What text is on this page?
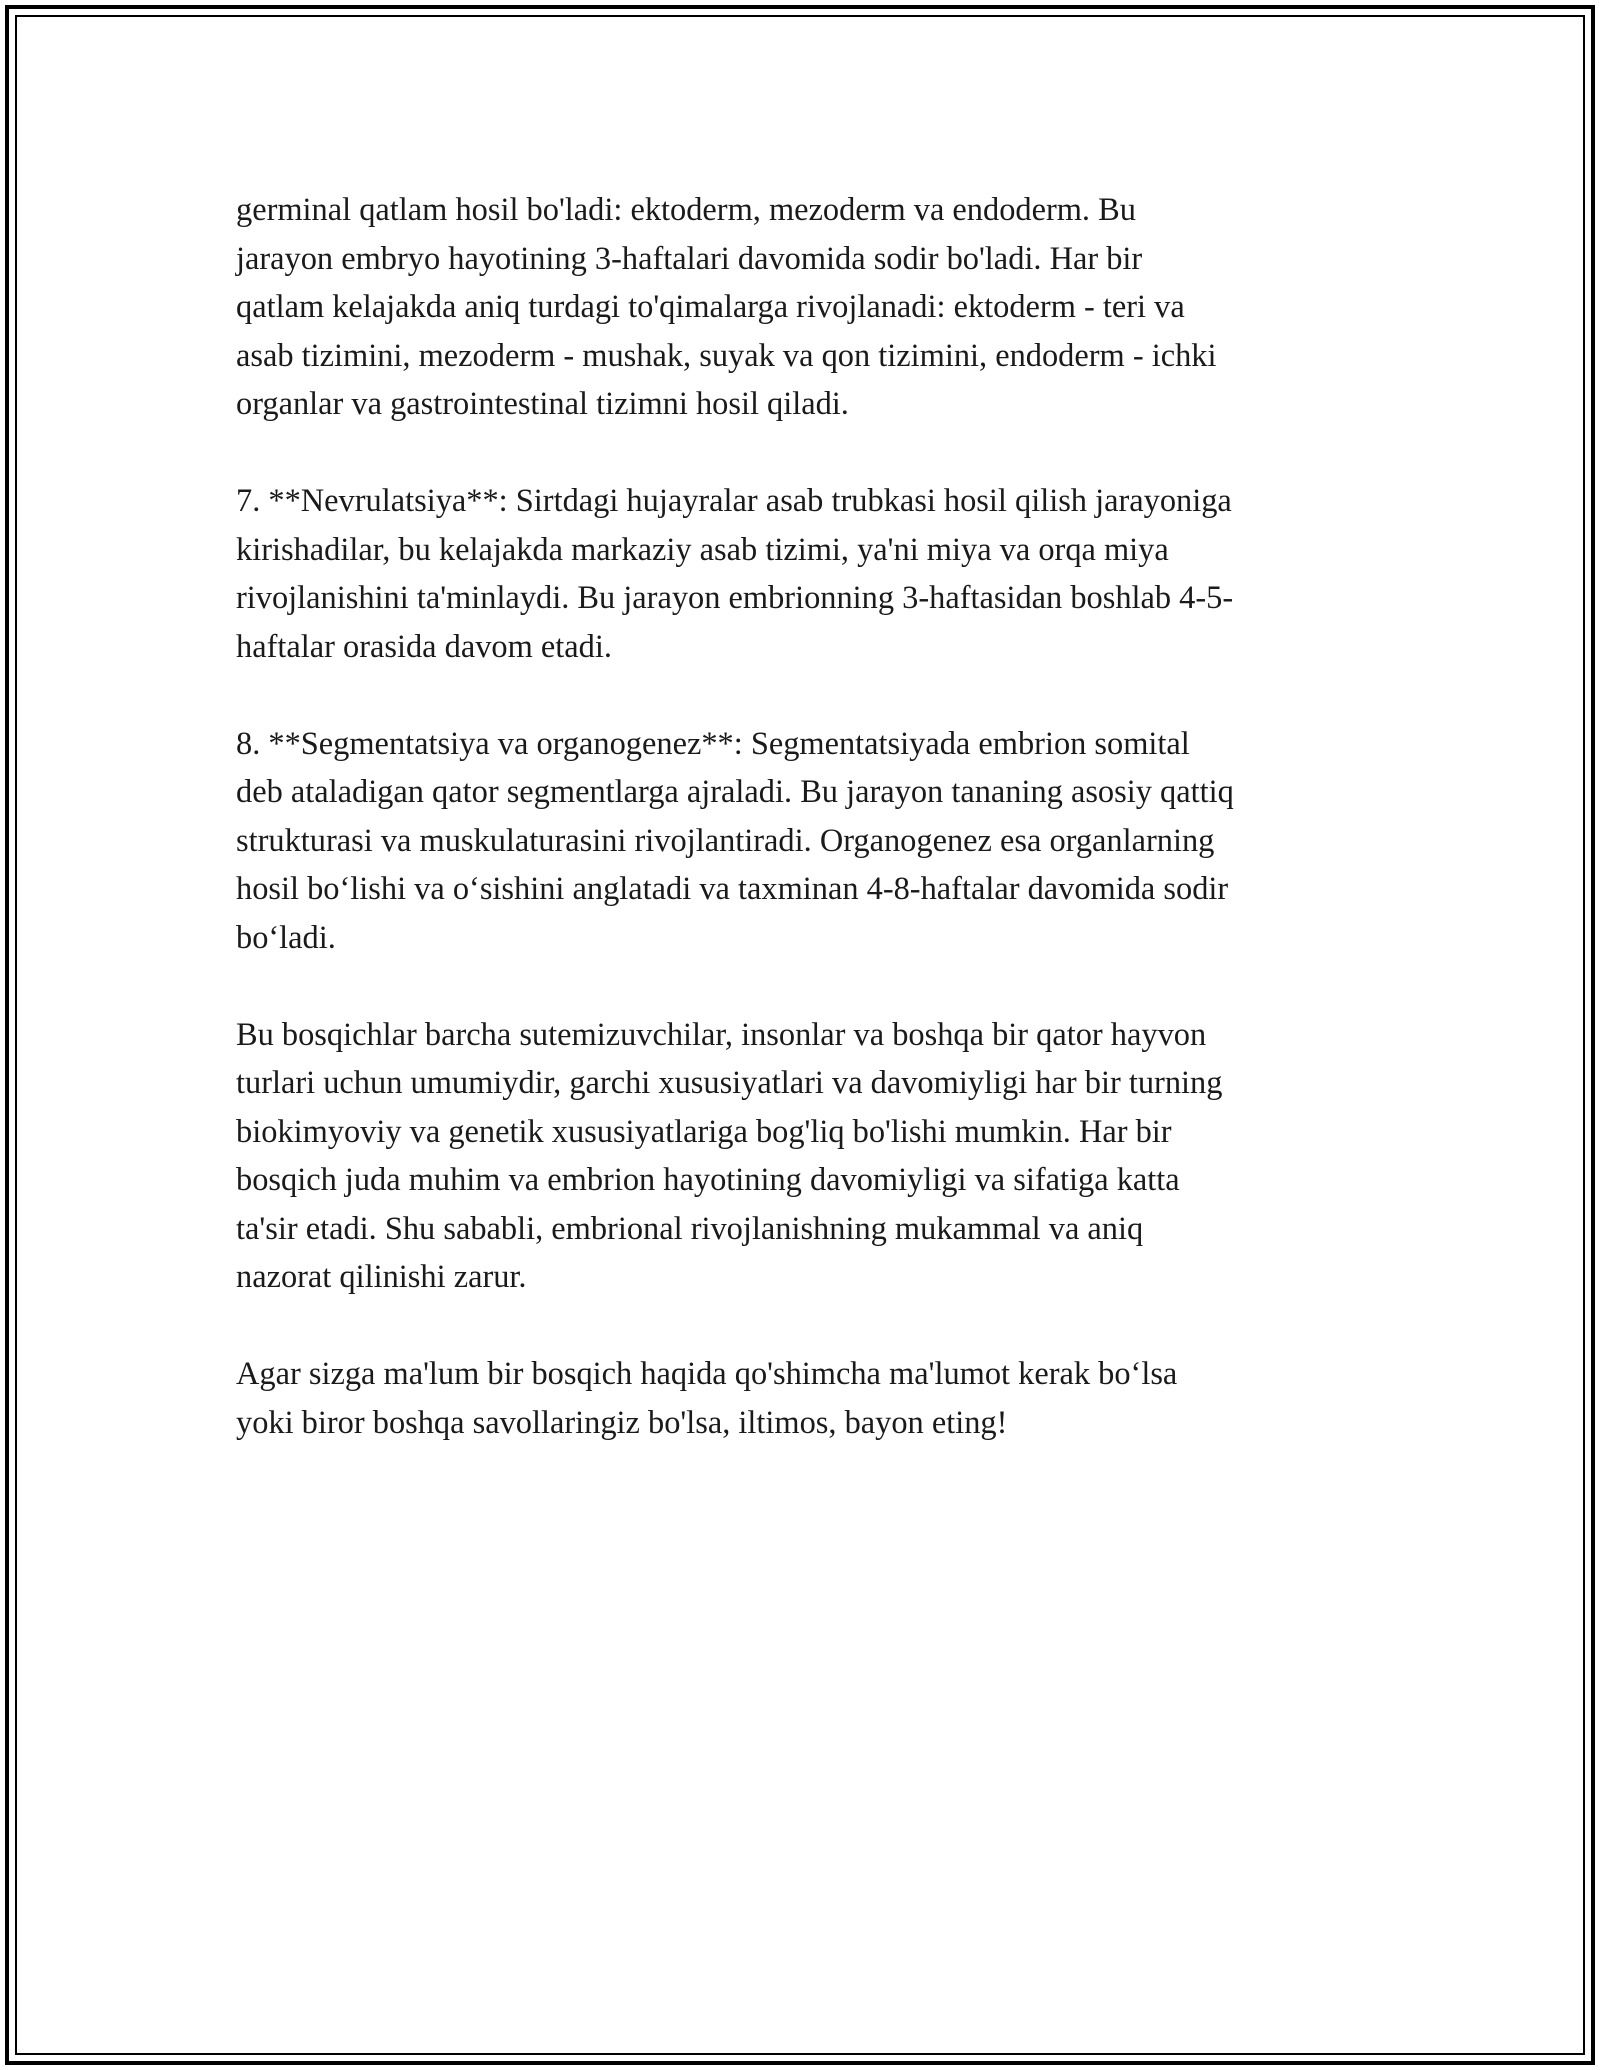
germinal qatlam hosil bo'ladi: ektoderm, mezoderm va endoderm. Bu
jarayon embryo hayotining 3-haftalari davomida sodir bo'ladi. Har bir
qatlam kelajakda aniq turdagi to'qimalarga rivojlanadi: ektoderm - teri va
asab tizimini, mezoderm - mushak, suyak va qon tizimini, endoderm - ichki
organlar va gastrointestinal tizimni hosil qiladi.

7. **Nevrulatsiya**: Sirtdagi hujayralar asab trubkasi hosil qilish jarayoniga
kirishadilar, bu kelajakda markaziy asab tizimi, ya'ni miya va orqa miya
rivojlanishini ta'minlaydi. Bu jarayon embrionning 3-haftasidan boshlab 4-5-
haftalar orasida davom etadi.

8. **Segmentatsiya va organogenez**: Segmentatsiyada embrion somital
deb ataladigan qator segmentlarga ajraladi. Bu jarayon tananing asosiy qattiq
strukturasi va muskulaturasini rivojlantiradi. Organogenez esa organlarning
hosil bo‘lishi va o‘sishini anglatadi va taxminan 4-8-haftalar davomida sodir
bo‘ladi.

Bu bosqichlar barcha sutemizuvchilar, insonlar va boshqa bir qator hayvon
turlari uchun umumiydir, garchi xususiyatlari va davomiyligi har bir turning
biokimyoviy va genetik xususiyatlariga bog'liq bo'lishi mumkin. Har bir
bosqich juda muhim va embrion hayotining davomiyligi va sifatiga katta
ta'sir etadi. Shu sababli, embrional rivojlanishning mukammal va aniq
nazorat qilinishi zarur.

Agar sizga ma'lum bir bosqich haqida qo'shimcha ma'lumot kerak bo‘lsa
yoki biror boshqa savollaringiz bo'lsa, iltimos, bayon eting!
